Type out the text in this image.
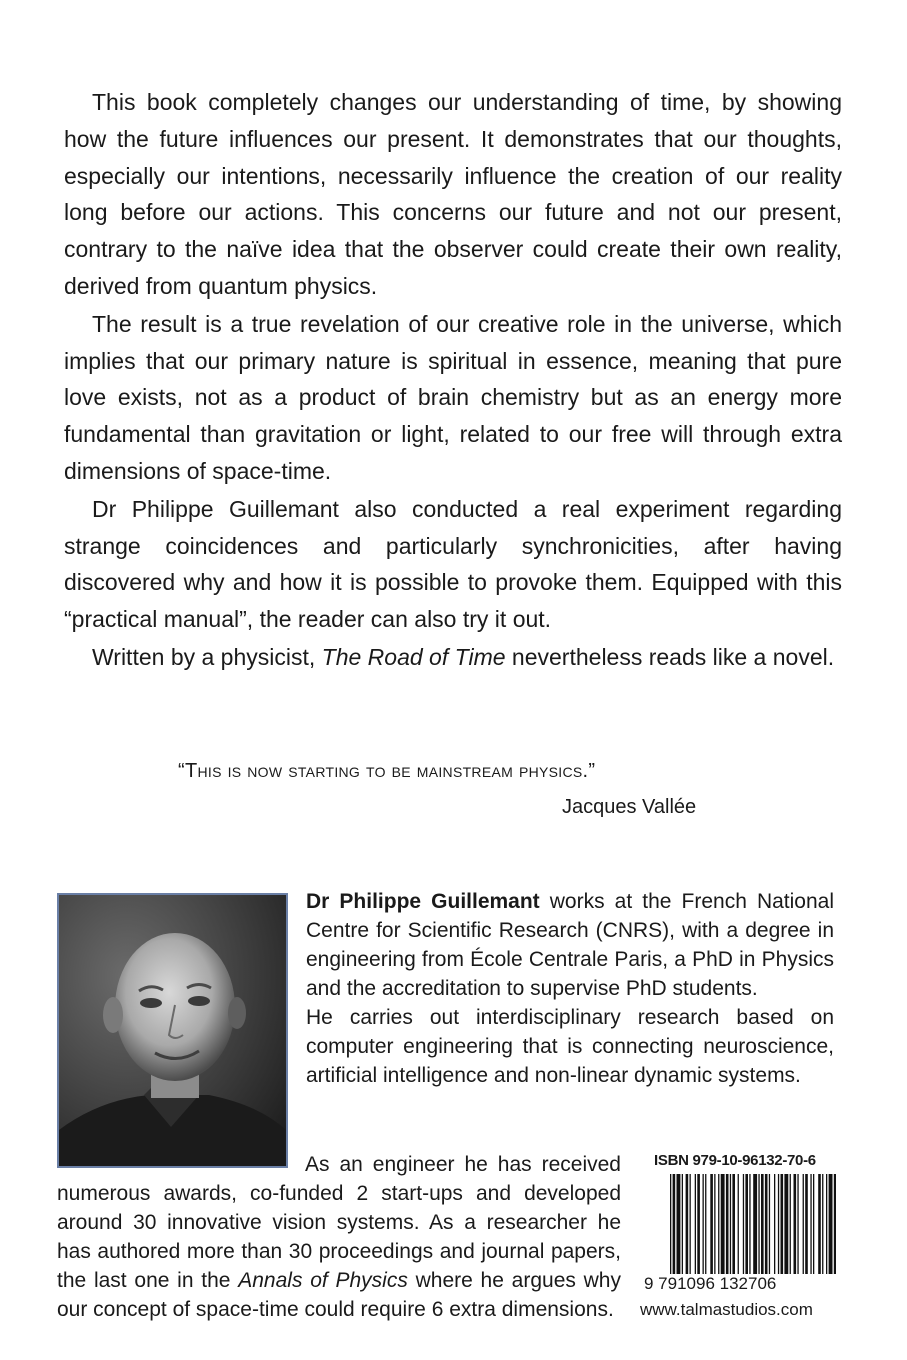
This book completely changes our understanding of time, by showing how the future influences our present. It demonstrates that our thoughts, especially our intentions, necessarily influence the creation of our reality long before our actions. This concerns our future and not our present, contrary to the naïve idea that the observer could create their own reality, derived from quantum physics.

The result is a true revelation of our creative role in the universe, which implies that our primary nature is spiritual in essence, meaning that pure love exists, not as a product of brain chemistry but as an energy more fundamental than gravitation or light, related to our free will through extra dimensions of space-time.

Dr Philippe Guillemant also conducted a real experiment regarding strange coincidences and particularly synchronicities, after having discovered why and how it is possible to provoke them. Equipped with this “practical manual”, the reader can also try it out.

Written by a physicist, The Road of Time nevertheless reads like a novel.

“This is now starting to be mainstream physics.”
Jacques Vallée

Dr Philippe Guillemant works at the French National Centre for Scientific Research (CNRS), with a degree in engineering from École Centrale Paris, a PhD in Physics and the accreditation to supervise PhD students.

He carries out interdisciplinary research based on computer engineering that is connecting neuroscience, artificial intelligence and non-linear dynamic systems.

As an engineer he has received numerous awards, co-funded 2 start-ups and developed around 30 innovative vision systems. As a researcher he has authored more than 30 proceedings and journal papers, the last one in the Annals of Physics where he argues why our concept of space-time could require 6 extra dimensions.

ISBN 979-10-96132-70-6
9 791096 132706
www.talmastudios.com
